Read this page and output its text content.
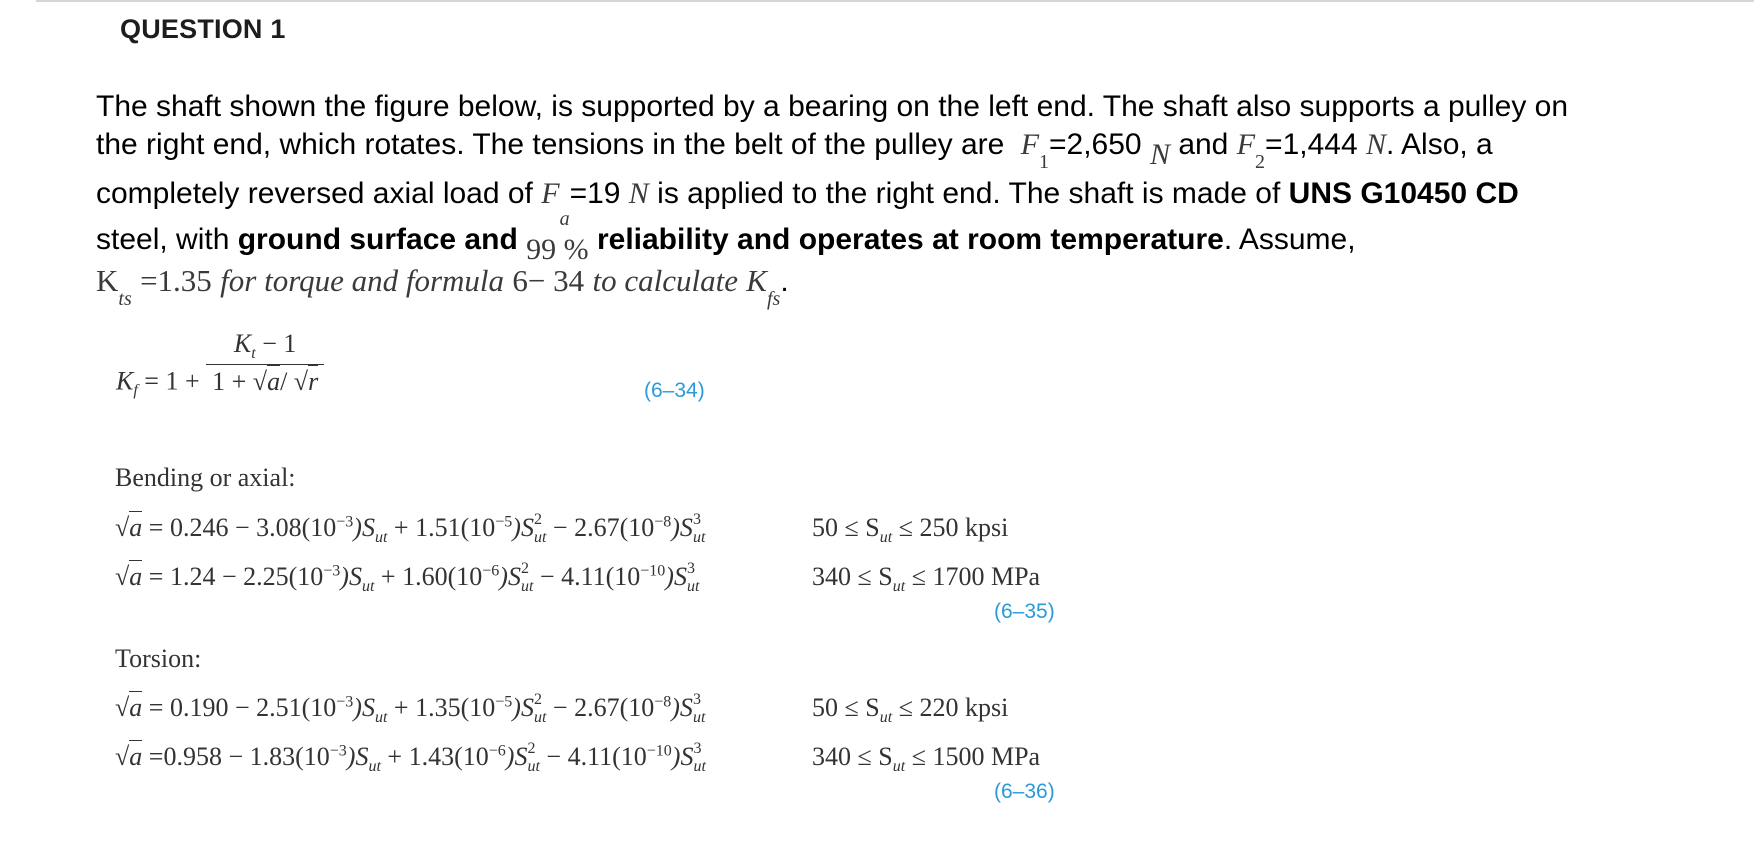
QUESTION 1
The shaft shown the figure below, is supported by a bearing on the left end. The shaft also supports a pulley on
the right end, which rotates. The tensions in the belt of the pulley are $F_1=2,650$ N and $F_2=1,444$ N. Also, a
completely reversed axial load of $F_a=19$ N is applied to the right end. The shaft is made of UNS G10450 CD
steel, with ground surface and 99 % reliability and operates at room temperature. Assume,
$K_{ts} =1.35$ for torque and formula 6− 34 to calculate $K_{fs}$.
$K_f = 1 + \frac{K_t - 1}{1 + √a/ √r}$	(6–34)
Bending or axial:
$√a = 0.246 - 3.08(10^{-3})S_{ut} + 1.51(10^{-5})S^2_{ut} - 2.67(10^{-8})S^3_{ut}$	$50 \le S_{ut} \le 250$ kpsi
$√a = 1.24 - 2.25(10^{-3})S_{ut} + 1.60(10^{-6})S^2_{ut} - 4.11(10^{-10})S^3_{ut}$	$340 \le S_{ut} \le 1700$ MPa
(6–35)
Torsion:
$√a = 0.190 - 2.51(10^{-3})S_{ut} + 1.35(10^{-5})S^2_{ut} - 2.67(10^{-8})S^3_{ut}$	$50 \le S_{ut} \le 220$ kpsi
$√a =0.958 - 1.83(10^{-3})S_{ut} + 1.43(10^{-6})S^2_{ut} - 4.11(10^{-10})S^3_{ut}$	$340 \le S_{ut} \le 1500$ MPa
(6–36)
